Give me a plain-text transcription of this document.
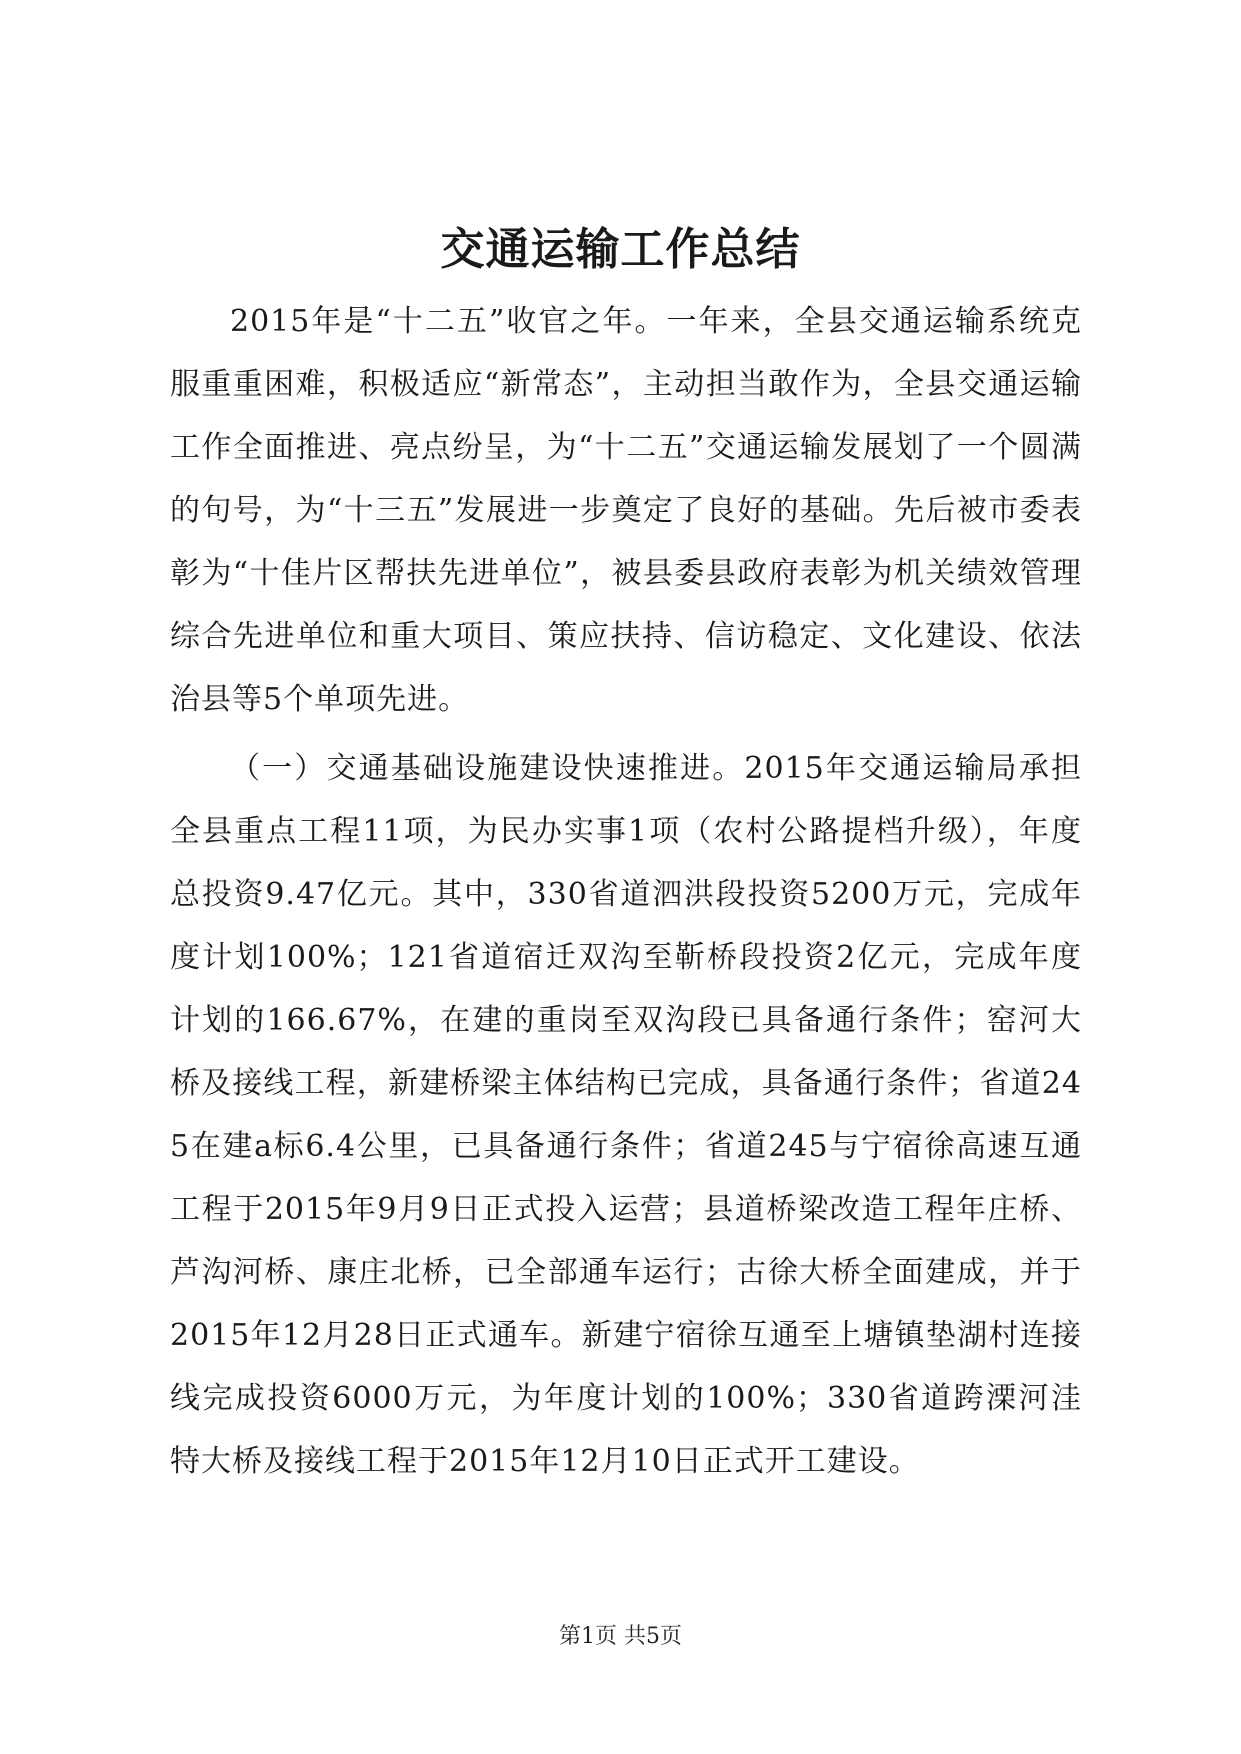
交通运输工作总结

2015年是“十二五”收官之年。一年来，全县交通运输系统克服重重困难，积极适应“新常态”，主动担当敢作为，全县交通运输工作全面推进、亮点纷呈，为“十二五”交通运输发展划了一个圆满的句号，为“十三五”发展进一步奠定了良好的基础。先后被市委表彰为“十佳片区帮扶先进单位”，被县委县政府表彰为机关绩效管理综合先进单位和重大项目、策应扶持、信访稳定、文化建设、依法治县等5个单项先进。

（一）交通基础设施建设快速推进。2015年交通运输局承担全县重点工程11项，为民办实事1项（农村公路提档升级），年度总投资9.47亿元。其中，330省道泗洪段投资5200万元，完成年度计划100%；121省道宿迁双沟至靳桥段投资2亿元，完成年度计划的166.67%，在建的重岗至双沟段已具备通行条件；窑河大桥及接线工程，新建桥梁主体结构已完成，具备通行条件；省道245在建a标6.4公里，已具备通行条件；省道245与宁宿徐高速互通工程于2015年9月9日正式投入运营；县道桥梁改造工程年庄桥、芦沟河桥、康庄北桥，已全部通车运行；古徐大桥全面建成，并于2015年12月28日正式通车。新建宁宿徐互通至上塘镇垫湖村连接线完成投资6000万元，为年度计划的100%；330省道跨溧河洼特大桥及接线工程于2015年12月10日正式开工建设。

第1页 共5页
